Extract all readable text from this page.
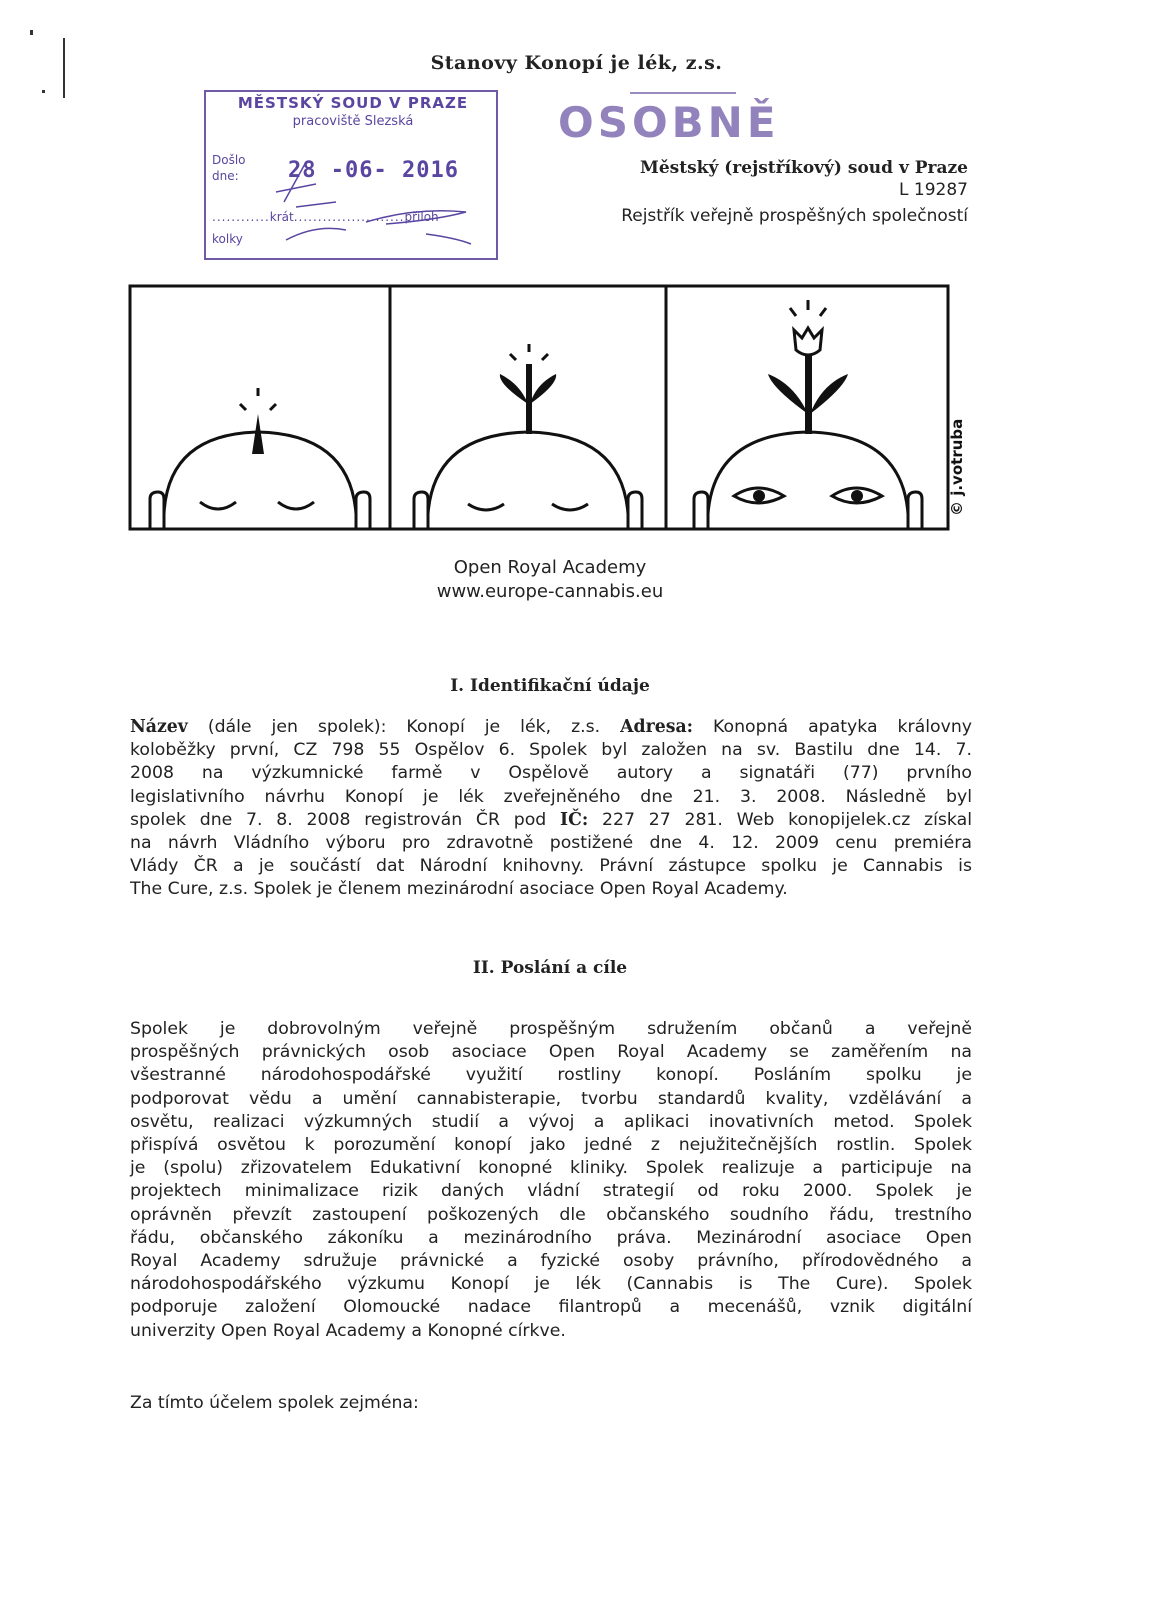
Stanovy Konopí je lék, z.s.
MĚSTSKÝ SOUD V PRAZE
pracoviště Slezská
Došlo dne:	28 -06- 2016
............krát.......................příloh
kolky
OSOBNĚ
Městský (rejstříkový) soud v Praze
L 19287
Rejstřík veřejně prospěšných společností
© j.votruba
Open Royal Academy
www.europe-cannabis.eu
I. Identifikační údaje
Název (dále jen spolek): Konopí je lék, z.s. Adresa: Konopná apatyka královny
koloběžky první, CZ 798 55 Ospělov 6. Spolek byl založen na sv. Bastilu dne 14. 7.
2008 na výzkumnické farmě v Ospělově autory a signatáři (77) prvního
legislativního návrhu Konopí je lék zveřejněného dne 21. 3. 2008. Následně byl
spolek dne 7. 8. 2008 registrován ČR pod IČ: 227 27 281. Web konopijelek.cz získal
na návrh Vládního výboru pro zdravotně postižené dne 4. 12. 2009 cenu premiéra
Vlády ČR a je součástí dat Národní knihovny. Právní zástupce spolku je Cannabis is
The Cure, z.s. Spolek je členem mezinárodní asociace Open Royal Academy.
II. Poslání a cíle
Spolek je dobrovolným veřejně prospěšným sdružením občanů a veřejně
prospěšných právnických osob asociace Open Royal Academy se zaměřením na
všestranné národohospodářské využití rostliny konopí. Posláním spolku je
podporovat vědu a umění cannabisterapie, tvorbu standardů kvality, vzdělávání a
osvětu, realizaci výzkumných studií a vývoj a aplikaci inovativních metod. Spolek
přispívá osvětou k porozumění konopí jako jedné z nejužitečnějších rostlin. Spolek
je (spolu) zřizovatelem Edukativní konopné kliniky. Spolek realizuje a participuje na
projektech minimalizace rizik daných vládní strategií od roku 2000. Spolek je
oprávněn převzít zastoupení poškozených dle občanského soudního řádu, trestního
řádu, občanského zákoníku a mezinárodního práva. Mezinárodní asociace Open
Royal Academy sdružuje právnické a fyzické osoby právního, přírodovědného a
národohospodářského výzkumu Konopí je lék (Cannabis is The Cure). Spolek
podporuje založení Olomoucké nadace filantropů a mecenášů, vznik digitální
univerzity Open Royal Academy a Konopné církve.
Za tímto účelem spolek zejména:
